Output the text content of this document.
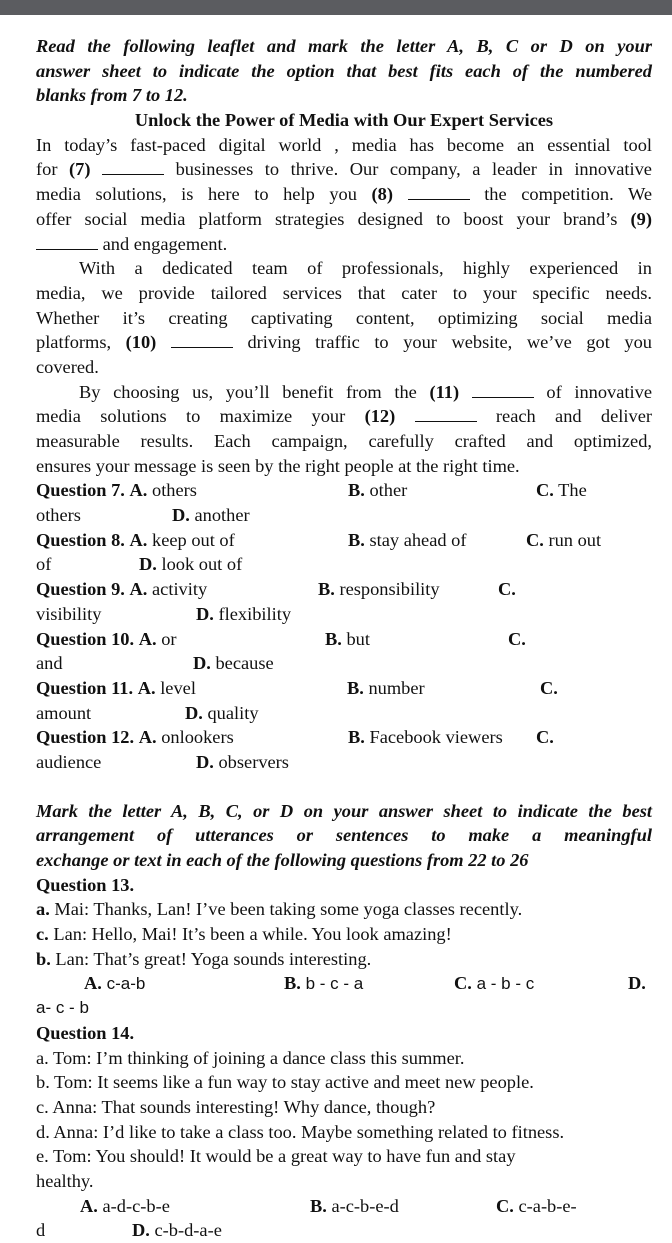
Read the following leaflet and mark the letter A, B, C or D on your
answer sheet to indicate the option that best fits each of the numbered
blanks from 7 to 12.
Unlock the Power of Media with Our Expert Services
In today’s fast-paced digital world , media has become an essential tool
for (7)	businesses to thrive. Our company, a leader in innovative
media solutions, is here to help you (8)	the competition. We
offer social media platform strategies designed to boost your brand’s (9)
and engagement.
With a dedicated team of professionals, highly experienced in
media, we provide tailored services that cater to your specific needs.
Whether it’s creating captivating content, optimizing social media
platforms, (10)	driving traffic to your website, we’ve got you
covered.
By choosing us, you’ll benefit from the (11)	of innovative
media solutions to maximize your (12)	reach and deliver
measurable results. Each campaign, carefully crafted and optimized,
ensures your message is seen by the right people at the right time.
Question 7. A. others	B. other	C. The
others	D. another
Question 8. A. keep out of	B. stay ahead of	C. run out
of	D. look out of
Question 9. A. activity	B. responsibility	C.
visibility	D. flexibility
Question 10. A. or	B. but	C.
and	D. because
Question 11. A. level	B. number	C.
amount	D. quality
Question 12. A. onlookers	B. Facebook viewers C.
audience	D. observers
Mark the letter A, B, C, or D on your answer sheet to indicate the best
arrangement of utterances or sentences to make a meaningful
exchange or text in each of the following questions from 22 to 26
Question 13.
a. Mai: Thanks, Lan! I’ve been taking some yoga classes recently.
c. Lan: Hello, Mai! It’s been a while. You look amazing!
b. Lan: That’s great! Yoga sounds interesting.
A. c-a-b	B. b - c - a	C. a - b - c	D.
a- c - b
Question 14.
a. Tom: I’m thinking of joining a dance class this summer.
b. Tom: It seems like a fun way to stay active and meet new people.
c. Anna: That sounds interesting! Why dance, though?
d. Anna: I’d like to take a class too. Maybe something related to fitness.
e. Tom: You should! It would be a great way to have fun and stay
healthy.
A. a-d-c-b-e	B. a-c-b-e-d	C. c-a-b-e-
d	D. c-b-d-a-e
